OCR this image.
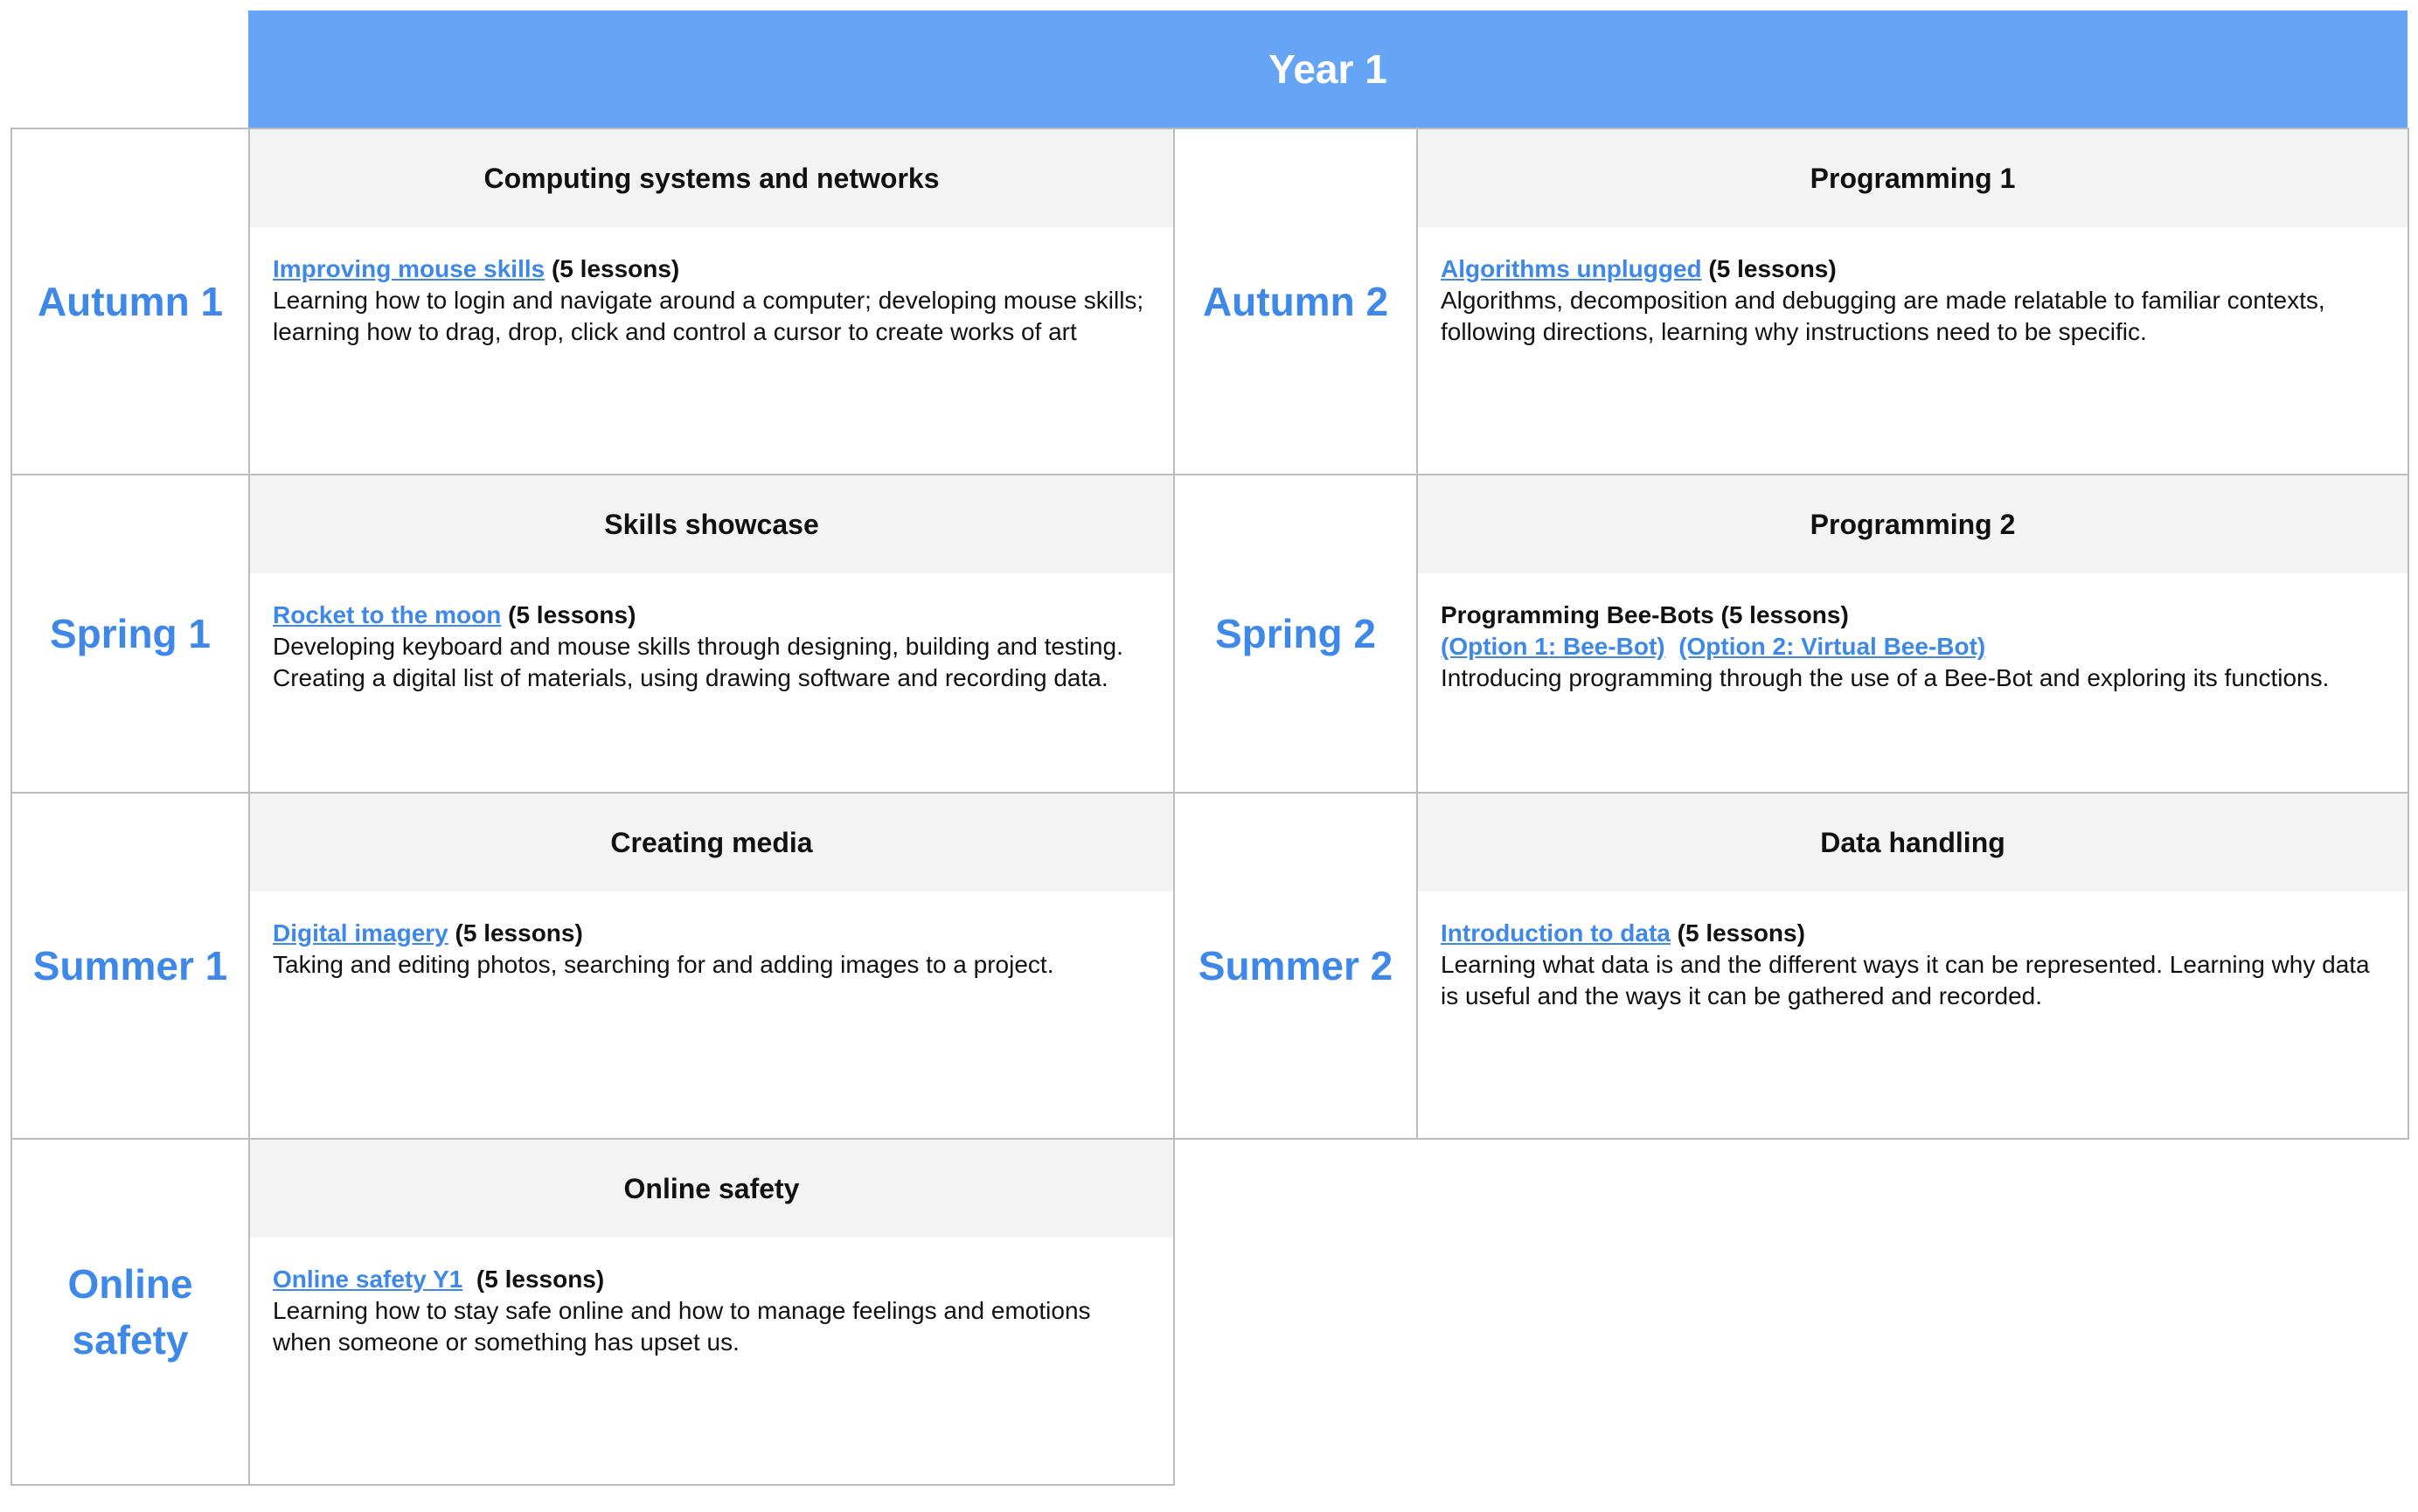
Year 1
Autumn 1
Computing systems and networks
Improving mouse skills (5 lessons)
Learning how to login and navigate around a computer; developing mouse skills; learning how to drag, drop, click and control a cursor to create works of art
Autumn 2
Programming 1
Algorithms unplugged (5 lessons)
Algorithms, decomposition and debugging are made relatable to familiar contexts, following directions, learning why instructions need to be specific.
Spring 1
Skills showcase
Rocket to the moon (5 lessons)
Developing keyboard and mouse skills through designing, building and testing. Creating a digital list of materials, using drawing software and recording data.
Spring 2
Programming 2
Programming Bee-Bots (5 lessons)
(Option 1: Bee-Bot) (Option 2: Virtual Bee-Bot)
Introducing programming through the use of a Bee-Bot and exploring its functions.
Summer 1
Creating media
Digital imagery (5 lessons)
Taking and editing photos, searching for and adding images to a project.	Summer 2
Data handling
Introduction to data (5 lessons)
Learning what data is and the different ways it can be represented. Learning why data is useful and the ways it can be gathered and recorded.
Online safety
Online safety
Online safety Y1 (5 lessons)
Learning how to stay safe online and how to manage feelings and emotions when someone or something has upset us.
